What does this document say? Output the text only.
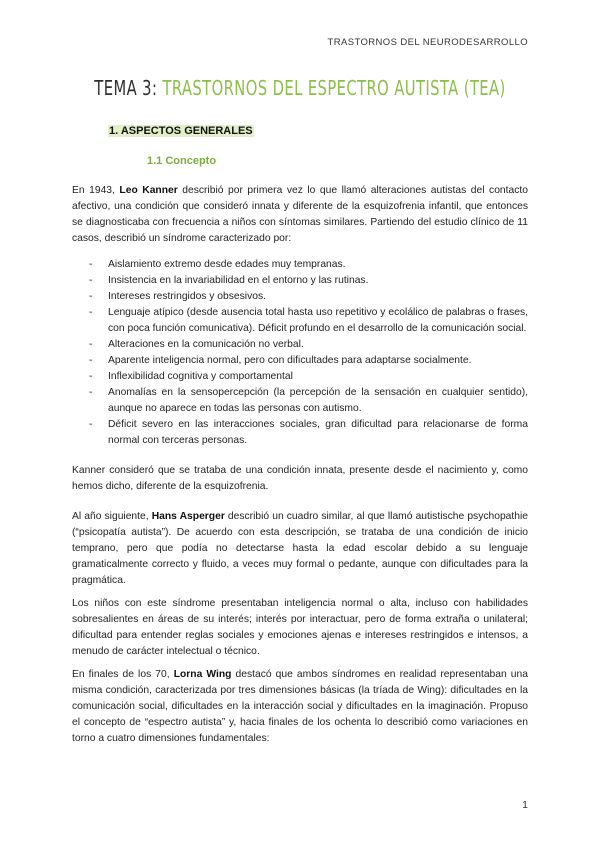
TRASTORNOS DEL NEURODESARROLLO
TEMA 3: TRASTORNOS DEL ESPECTRO AUTISTA (TEA)
1. ASPECTOS GENERALES
1.1 Concepto
En 1943, Leo Kanner describió por primera vez lo que llamó alteraciones autistas del contacto afectivo, una condición que consideró innata y diferente de la esquizofrenia infantil, que entonces se diagnosticaba con frecuencia a niños con síntomas similares. Partiendo del estudio clínico de 11 casos, describió un síndrome caracterizado por:
- Aislamiento extremo desde edades muy tempranas.
- Insistencia en la invariabilidad en el entorno y las rutinas.
- Intereses restringidos y obsesivos.
- Lenguaje atípico (desde ausencia total hasta uso repetitivo y ecolálico de palabras o frases, con poca función comunicativa). Déficit profundo en el desarrollo de la comunicación social.
- Alteraciones en la comunicación no verbal.
- Aparente inteligencia normal, pero con dificultades para adaptarse socialmente.
- Inflexibilidad cognitiva y comportamental
- Anomalías en la sensopercepción (la percepción de la sensación en cualquier sentido), aunque no aparece en todas las personas con autismo.
- Déficit severo en las interacciones sociales, gran dificultad para relacionarse de forma normal con terceras personas.
Kanner consideró que se trataba de una condición innata, presente desde el nacimiento y, como hemos dicho, diferente de la esquizofrenia.
Al año siguiente, Hans Asperger describió un cuadro similar, al que llamó autistische psychopathie (“psicopatía autista”). De acuerdo con esta descripción, se trataba de una condición de inicio temprano, pero que podía no detectarse hasta la edad escolar debido a su lenguaje gramaticalmente correcto y fluido, a veces muy formal o pedante, aunque con dificultades para la pragmática.
Los niños con este síndrome presentaban inteligencia normal o alta, incluso con habilidades sobresalientes en áreas de su interés; interés por interactuar, pero de forma extraña o unilateral; dificultad para entender reglas sociales y emociones ajenas e intereses restringidos e intensos, a menudo de carácter intelectual o técnico.
En finales de los 70, Lorna Wing destacó que ambos síndromes en realidad representaban una misma condición, caracterizada por tres dimensiones básicas (la tríada de Wing): dificultades en la comunicación social, dificultades en la interacción social y dificultades en la imaginación. Propuso el concepto de “espectro autista” y, hacia finales de los ochenta lo describió como variaciones en torno a cuatro dimensiones fundamentales:
1
